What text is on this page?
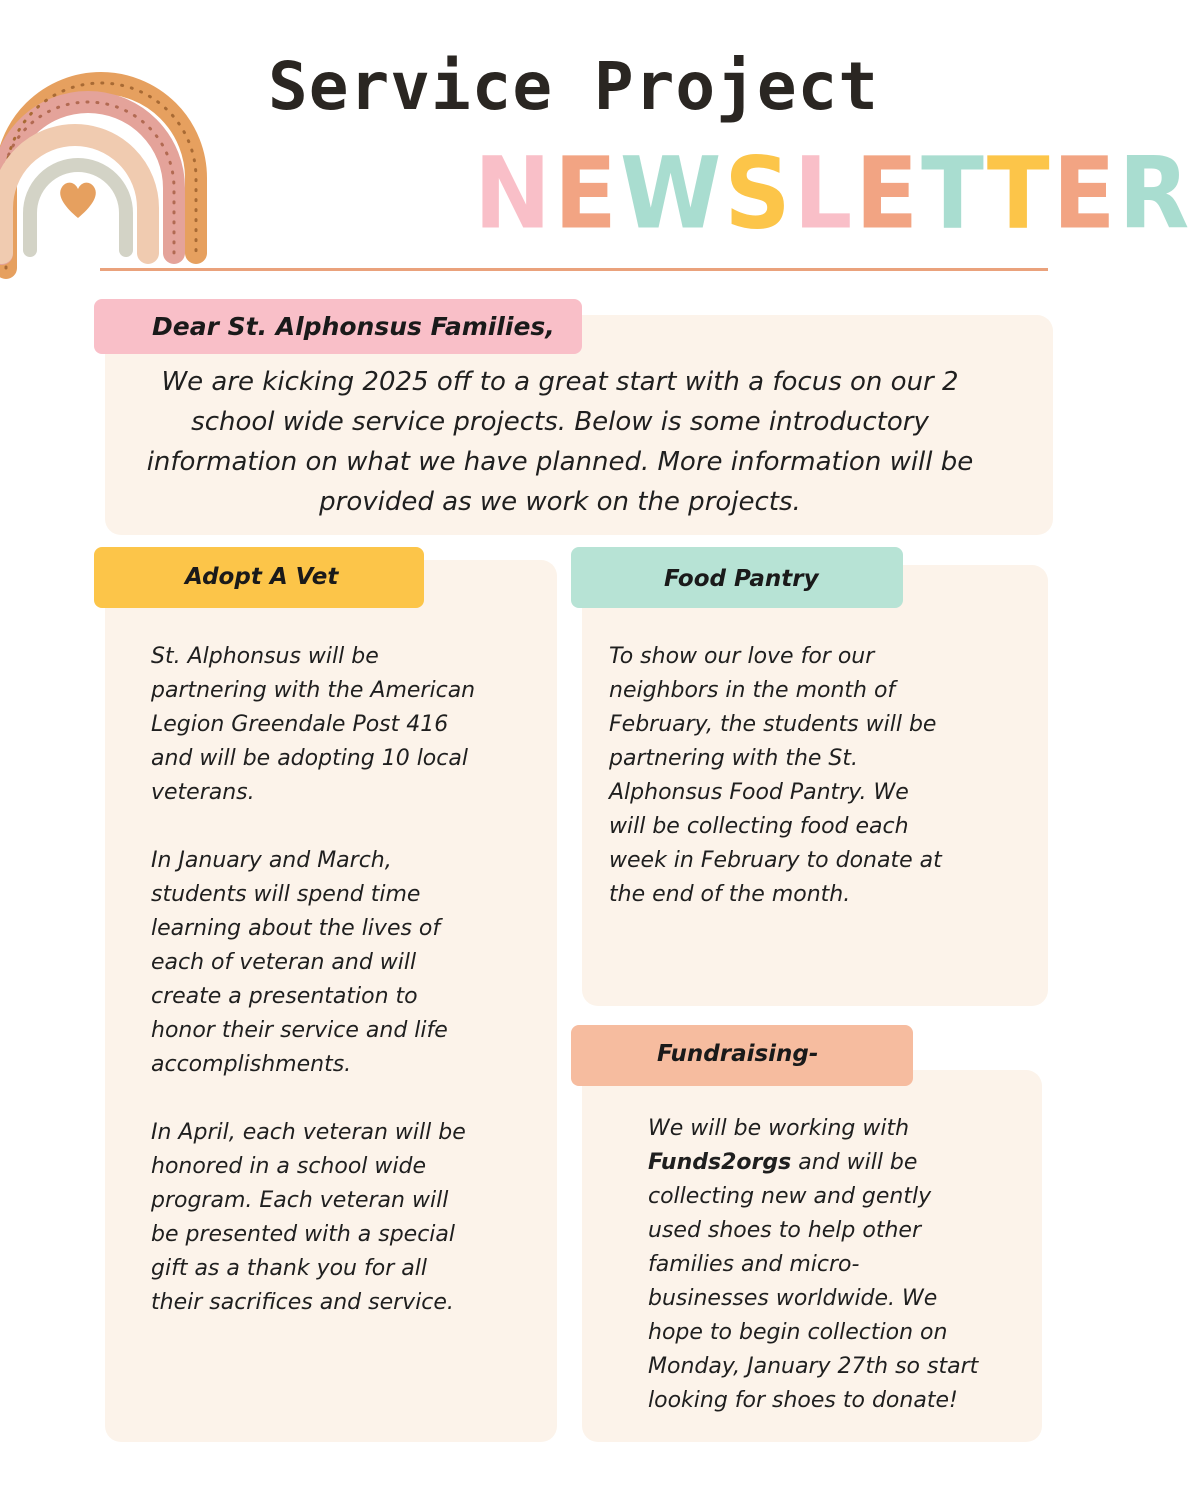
Service Project
NEWSLETTER
Dear St. Alphonsus Families,
We are kicking 2025 off to a great start with a focus on our 2 school wide service projects. Below is some introductory information on what we have planned. More information will be provided as we work on the projects.
Adopt A Vet
St. Alphonsus will be
partnering with the American
Legion Greendale Post 416
and will be adopting 10 local
veterans.

In January and March,
students will spend time
learning about the lives of
each of veteran and will
create a presentation to
honor their service and life
accomplishments.

In April, each veteran will be
honored in a school wide
program. Each veteran will
be presented with a special
gift as a thank you for all
their sacrifices and service.
Food Pantry
To show our love for our
neighbors in the month of
February, the students will be
partnering with the St.
Alphonsus Food Pantry. We
will be collecting food each
week in February to donate at
the end of the month.
Fundraising-
We will be working with
Funds2orgs and will be
collecting new and gently
used shoes to help other
families and micro-
businesses worldwide. We
hope to begin collection on
Monday, January 27th so start
looking for shoes to donate!
